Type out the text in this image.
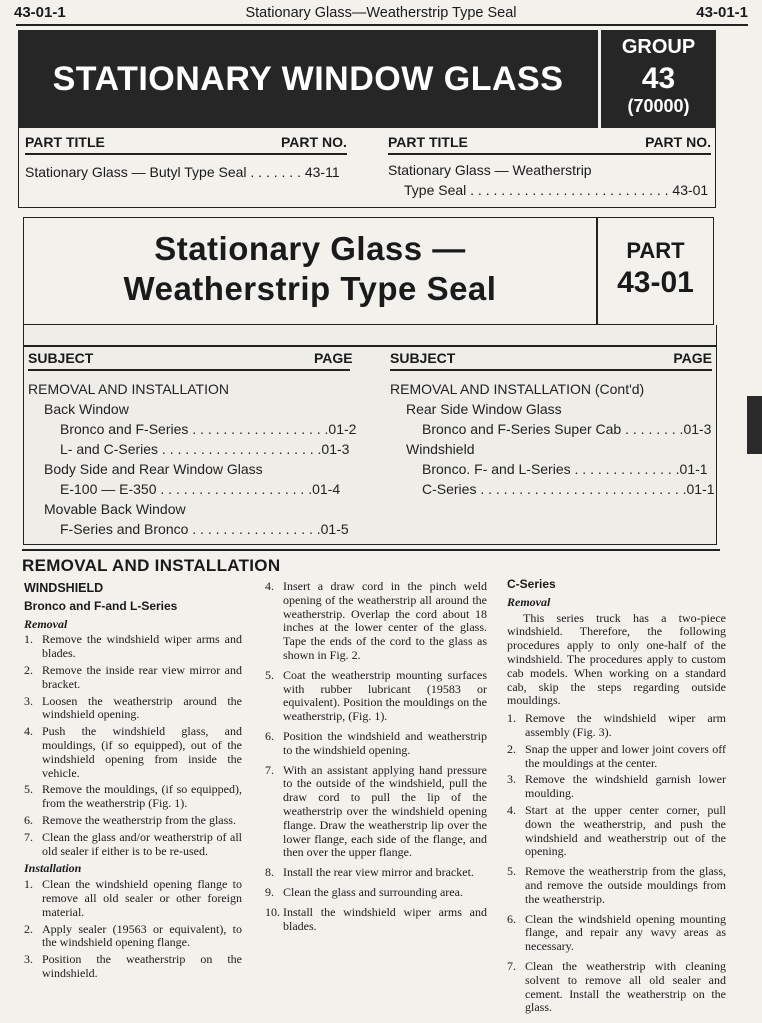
43-01-1	Stationary Glass—Weatherstrip Type Seal	43-01-1
STATIONARY WINDOW GLASS
GROUP
43
(70000)
PART TITLE	PART NO.	PART TITLE	PART NO.
Stationary Glass — Butyl Type Seal . . . . . . . 43-11	Stationary Glass — Weatherstrip
Type Seal . . . . . . . . . . . . . . . . . . . . . . . . . . 43-01
Stationary Glass —
Weatherstrip Type Seal
PART
43-01
SUBJECT	PAGE	SUBJECT	PAGE
REMOVAL AND INSTALLATION
Back Window
Bronco and F-Series . . . . . . . . . . . . . . . . . .01-2
L- and C-Series . . . . . . . . . . . . . . . . . . . . .01-3
Body Side and Rear Window Glass
E-100 — E-350 . . . . . . . . . . . . . . . . . . . .01-4
Movable Back Window
F-Series and Bronco . . . . . . . . . . . . . . . . .01-5
REMOVAL AND INSTALLATION (Cont'd)
Rear Side Window Glass
Bronco and F-Series Super Cab . . . . . . . .01-3
Windshield
Bronco. F- and L-Series . . . . . . . . . . . . . .01-1
C-Series . . . . . . . . . . . . . . . . . . . . . . . . . . .01-1
REMOVAL AND INSTALLATION
WINDSHIELD
Bronco and F-and L-Series
Removal
1. Remove the windshield wiper arms and blades.
2. Remove the inside rear view mirror and bracket.
3. Loosen the weatherstrip around the windshield opening.
4. Push the windshield glass, and mouldings, (if so equipped), out of the windshield opening from inside the vehicle.
5. Remove the mouldings, (if so equipped), from the weatherstrip (Fig. 1).
6. Remove the weatherstrip from the glass.
7. Clean the glass and/or weatherstrip of all old sealer if either is to be re-used.
Installation
1. Clean the windshield opening flange to remove all old sealer or other foreign material.
2. Apply sealer (19563 or equivalent), to the windshield opening flange.
3. Position the weatherstrip on the windshield.
4. Insert a draw cord in the pinch weld opening of the weatherstrip all around the weatherstrip. Overlap the cord about 18 inches at the lower center of the glass. Tape the ends of the cord to the glass as shown in Fig. 2.
5. Coat the weatherstrip mounting surfaces with rubber lubricant (19583 or equivalent). Position the mouldings on the weatherstrip, (Fig. 1).
6. Position the windshield and weatherstrip to the windshield opening.
7. With an assistant applying hand pressure to the outside of the windshield, pull the draw cord to pull the lip of the weatherstrip over the windshield opening flange. Draw the weatherstrip lip over the lower flange, each side of the flange, and then over the upper flange.
8. Install the rear view mirror and bracket.
9. Clean the glass and surrounding area.
10. Install the windshield wiper arms and blades.
C-Series
Removal

This series truck has a two-piece windshield. Therefore, the following procedures apply to only one-half of the windshield. The procedures apply to custom cab models. When working on a standard cab, skip the steps regarding outside mouldings.

1. Remove the windshield wiper arm assembly (Fig. 3).
2. Snap the upper and lower joint covers off the mouldings at the center.
3. Remove the windshield garnish lower moulding.
4. Start at the upper center corner, pull down the weatherstrip, and push the windshield and weatherstrip out of the opening.
5. Remove the weatherstrip from the glass, and remove the outside mouldings from the weatherstrip.
6. Clean the windshield opening mounting flange, and repair any wavy areas as necessary.
7. Clean the weatherstrip with cleaning solvent to remove all old sealer and cement. Install the weatherstrip on the glass.
